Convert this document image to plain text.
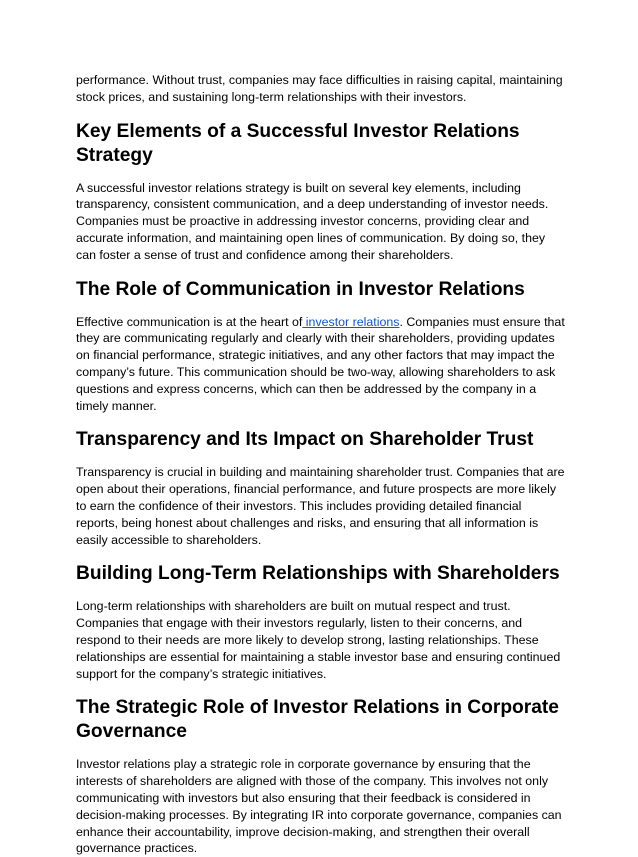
performance. Without trust, companies may face difficulties in raising capital, maintaining stock prices, and sustaining long-term relationships with their investors.

Key Elements of a Successful Investor Relations Strategy

A successful investor relations strategy is built on several key elements, including transparency, consistent communication, and a deep understanding of investor needs. Companies must be proactive in addressing investor concerns, providing clear and accurate information, and maintaining open lines of communication. By doing so, they can foster a sense of trust and confidence among their shareholders.

The Role of Communication in Investor Relations

Effective communication is at the heart of investor relations. Companies must ensure that they are communicating regularly and clearly with their shareholders, providing updates on financial performance, strategic initiatives, and any other factors that may impact the company’s future. This communication should be two-way, allowing shareholders to ask questions and express concerns, which can then be addressed by the company in a timely manner.

Transparency and Its Impact on Shareholder Trust

Transparency is crucial in building and maintaining shareholder trust. Companies that are open about their operations, financial performance, and future prospects are more likely to earn the confidence of their investors. This includes providing detailed financial reports, being honest about challenges and risks, and ensuring that all information is easily accessible to shareholders.

Building Long-Term Relationships with Shareholders

Long-term relationships with shareholders are built on mutual respect and trust. Companies that engage with their investors regularly, listen to their concerns, and respond to their needs are more likely to develop strong, lasting relationships. These relationships are essential for maintaining a stable investor base and ensuring continued support for the company’s strategic initiatives.

The Strategic Role of Investor Relations in Corporate Governance

Investor relations play a strategic role in corporate governance by ensuring that the interests of shareholders are aligned with those of the company. This involves not only communicating with investors but also ensuring that their feedback is considered in decision-making processes. By integrating IR into corporate governance, companies can enhance their accountability, improve decision-making, and strengthen their overall governance practices.
